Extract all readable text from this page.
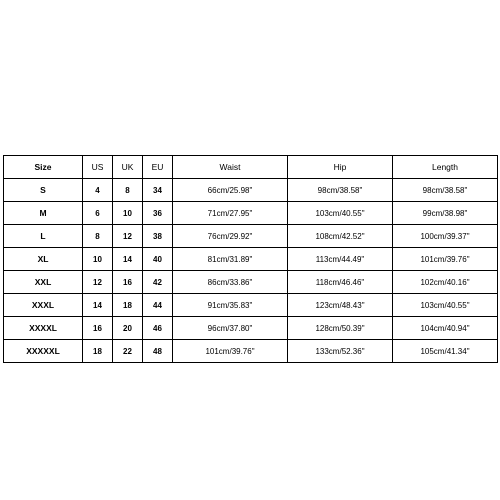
Size	US	UK	EU	Waist	Hip	Length
S	4	8	34	66cm/25.98"	98cm/38.58"	98cm/38.58"
M	6	10	36	71cm/27.95"	103cm/40.55"	99cm/38.98"
L	8	12	38	76cm/29.92"	108cm/42.52"	100cm/39.37"
XL	10	14	40	81cm/31.89"	113cm/44.49"	101cm/39.76"
XXL	12	16	42	86cm/33.86"	118cm/46.46"	102cm/40.16"
XXXL	14	18	44	91cm/35.83"	123cm/48.43"	103cm/40.55"
XXXXL	16	20	46	96cm/37.80"	128cm/50.39"	104cm/40.94"
XXXXXL	18	22	48	101cm/39.76"	133cm/52.36"	105cm/41.34"
